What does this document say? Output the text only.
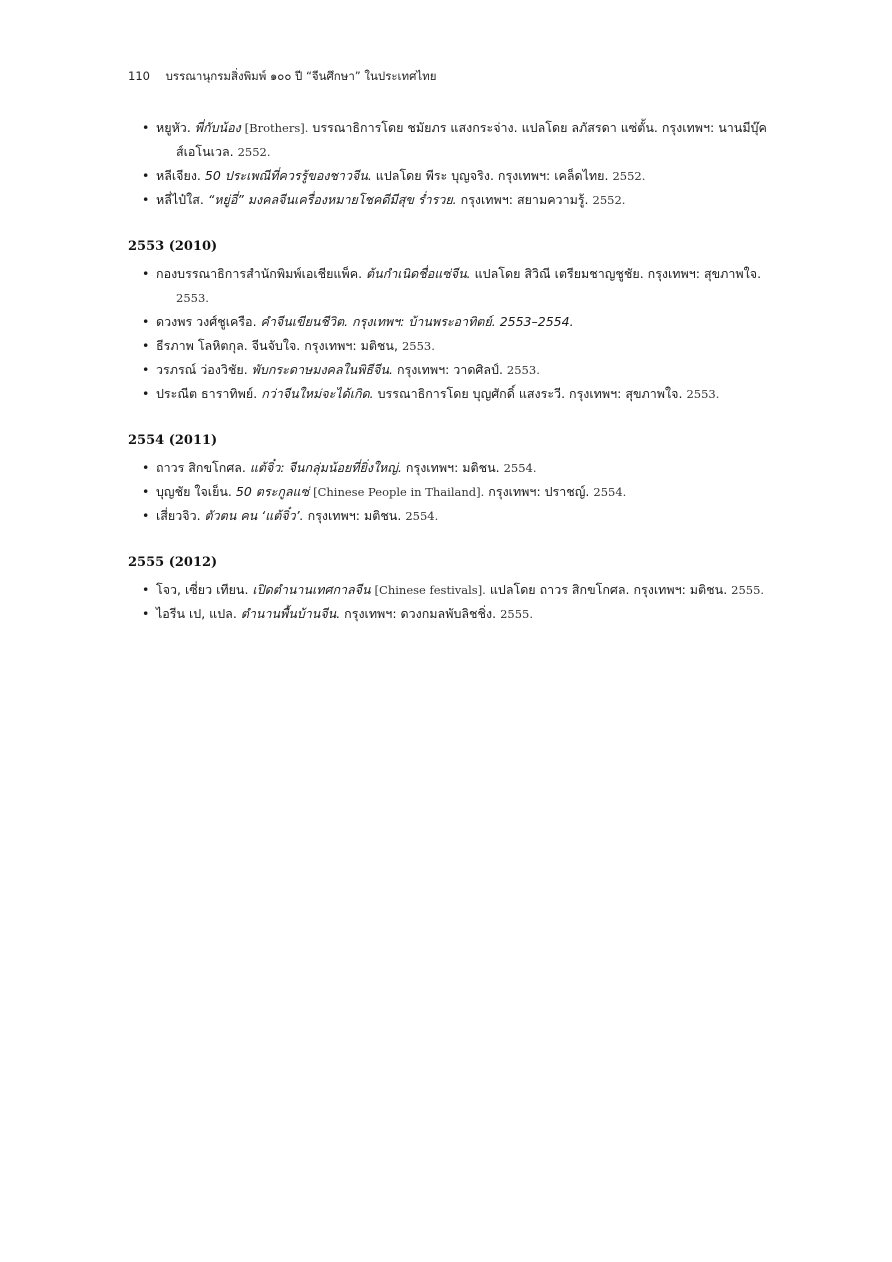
110 บรรณานุกรมสิ่งพิมพ์ ๑๐๐ ปี “จีนศึกษา” ในประเทศไทย
• หยูหัว. พี่กับน้อง [Brothers]. บรรณาธิการโดย ชมัยภร แสงกระจ่าง. แปลโดย ลภัสรดา แซ่ตั้น. กรุงเทพฯ: นานมีบุ๊คส์เอโนเวล. 2552.
• หลีเจียง. 50 ประเพณีที่ควรรู้ของชาวจีน. แปลโดย พีระ บุญจริง. กรุงเทพฯ: เคล็ดไทย. 2552.
• หลี่ไป๋ใส. “หยู่อี่” มงคลจีนเครื่องหมายโชคดีมีสุข ร่ำรวย. กรุงเทพฯ: สยามความรู้. 2552.
2553 (2010)
• กองบรรณาธิการสำนักพิมพ์เอเชียแพ็ค. ต้นกำเนิดชื่อแซ่จีน. แปลโดย สิวิณี เตรียมชาญชูชัย. กรุงเทพฯ: สุขภาพใจ. 2553.
• ดวงพร วงศ์ชูเครือ. คำจีนเขียนชีวิต. กรุงเทพฯ: บ้านพระอาทิตย์. 2553–2554.
• ธีรภาพ โลหิตกุล. จีนจับใจ. กรุงเทพฯ: มติชน, 2553.
• วรภรณ์ ว่องวิชัย. พับกระดาษมงคลในพิธีจีน. กรุงเทพฯ: วาดศิลป์. 2553.
• ประณีต ธาราทิพย์. กว่าจีนใหม่จะได้เกิด. บรรณาธิการโดย บุญศักดิ์ แสงระวี. กรุงเทพฯ: สุขภาพใจ. 2553.
2554 (2011)
• ถาวร สิกขโกศล. แต้จิ๋ว: จีนกลุ่มน้อยที่ยิ่งใหญ่. กรุงเทพฯ: มติชน. 2554.
• บุญชัย ใจเย็น. 50 ตระกูลแซ่ [Chinese People in Thailand]. กรุงเทพฯ: ปราชญ์. 2554.
• เสี่ยวจิว. ตัวตน คน ‘แต้จิ๋ว’. กรุงเทพฯ: มติชน. 2554.
2555 (2012)
• โจว, เซี่ยว เทียน. เปิดตำนานเทศกาลจีน [Chinese festivals]. แปลโดย ถาวร สิกขโกศล. กรุงเทพฯ: มติชน. 2555.
• ไอรีน เป, แปล. ตำนานพื้นบ้านจีน. กรุงเทพฯ: ดวงกมลพับลิชชิ่ง. 2555.
